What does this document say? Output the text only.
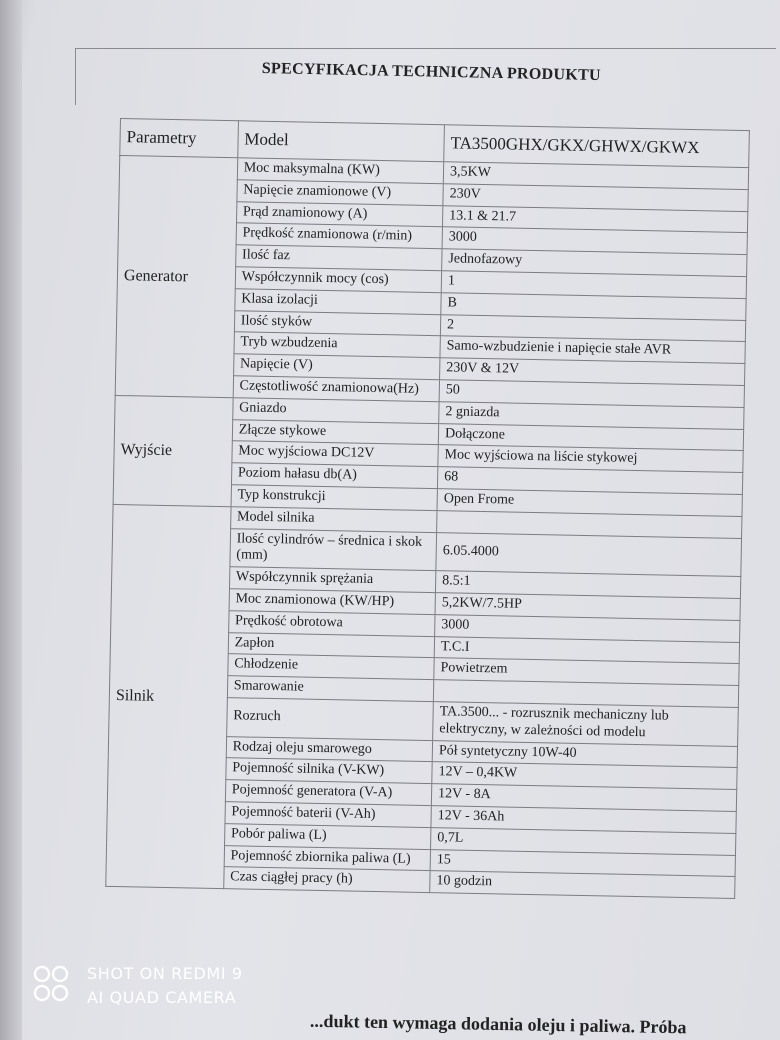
SPECYFIKACJA TECHNICZNA PRODUKTU
Parametry	Model	TA3500GHX/GKX/GHWX/GKWX
Generator	Moc maksymalna (KW)	3,5KW
	Napięcie znamionowe (V)	230V
	Prąd znamionowy (A)	13.1 & 21.7
	Prędkość znamionowa (r/min)	3000
	Ilość faz	Jednofazowy
	Współczynnik mocy (cos)	1
	Klasa izolacji	B
	Ilość styków	2
	Tryb wzbudzenia	Samo-wzbudzienie i napięcie stałe AVR
	Napięcie (V)	230V & 12V
	Częstotliwość znamionowa(Hz)	50
Wyjście	Gniazdo	2 gniazda
	Złącze stykowe	Dołączone
	Moc wyjściowa DC12V	Moc wyjściowa na liście stykowej
	Poziom hałasu db(A)	68
	Typ konstrukcji	Open Frome
Silnik	Model silnika	
	Ilość cylindrów – średnica i skok (mm)	6.05.4000
	Współczynnik sprężania	8.5:1
	Moc znamionowa (KW/HP)	5,2KW/7.5HP
	Prędkość obrotowa	3000
	Zapłon	T.C.I
	Chłodzenie	Powietrzem
	Smarowanie	
	Rozruch	TA.3500... - rozrusznik mechaniczny lub elektryczny, w zależności od modelu
	Rodzaj oleju smarowego	Pół syntetyczny 10W-40
	Pojemność silnika (V-KW)	12V – 0,4KW
	Pojemność generatora (V-A)	12V - 8A
	Pojemność baterii (V-Ah)	12V - 36Ah
	Pobór paliwa (L)	0,7L
	Pojemność zbiornika paliwa (L)	15
	Czas ciągłej pracy (h)	10 godzin
...dukt ten wymaga dodania oleju i paliwa. Próba
SHOT ON REDMI 9
AI QUAD CAMERA
